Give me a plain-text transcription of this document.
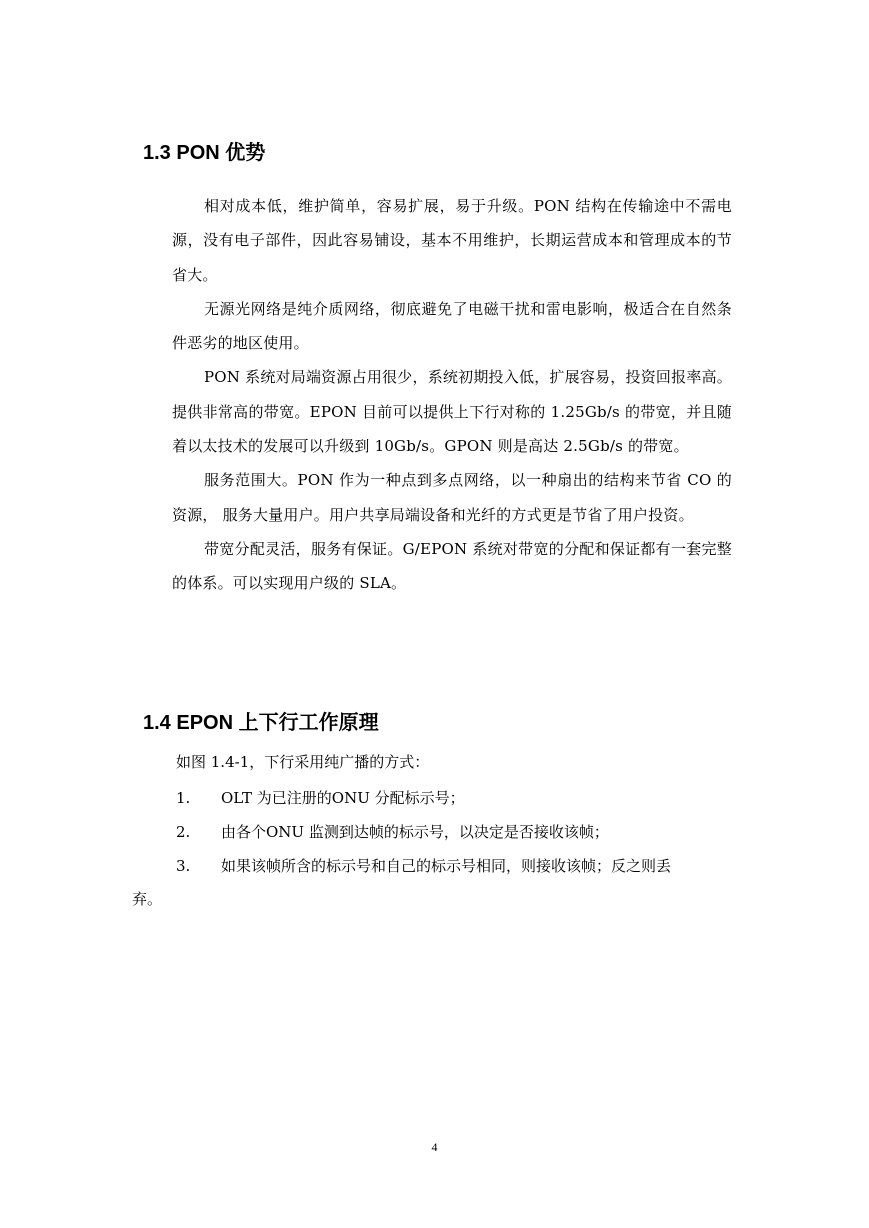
1.3 PON 优势

相对成本低，维护简单，容易扩展，易于升级。PON 结构在传输途中不需电源，没有电子部件，因此容易铺设，基本不用维护，长期运营成本和管理成本的节省大。

无源光网络是纯介质网络，彻底避免了电磁干扰和雷电影响，极适合在自然条件恶劣的地区使用。

PON 系统对局端资源占用很少，系统初期投入低，扩展容易，投资回报率高。 提供非常高的带宽。EPON 目前可以提供上下行对称的 1.25Gb/s 的带宽，并且随着以太技术的发展可以升级到 10Gb/s。GPON 则是高达 2.5Gb/s 的带宽。

服务范围大。PON 作为一种点到多点网络，以一种扇出的结构来节省 CO 的资源， 服务大量用户。用户共享局端设备和光纤的方式更是节省了用户投资。

带宽分配灵活，服务有保证。G/EPON 系统对带宽的分配和保证都有一套完整的体系。可以实现用户级的 SLA。

1.4 EPON 上下行工作原理

如图 1.4-1，下行采用纯广播的方式：

1. OLT 为已注册的ONU 分配标示号；

2. 由各个ONU 监测到达帧的标示号，以决定是否接收该帧；

3. 如果该帧所含的标示号和自己的标示号相同，则接收该帧；反之则丢

弃。

4
